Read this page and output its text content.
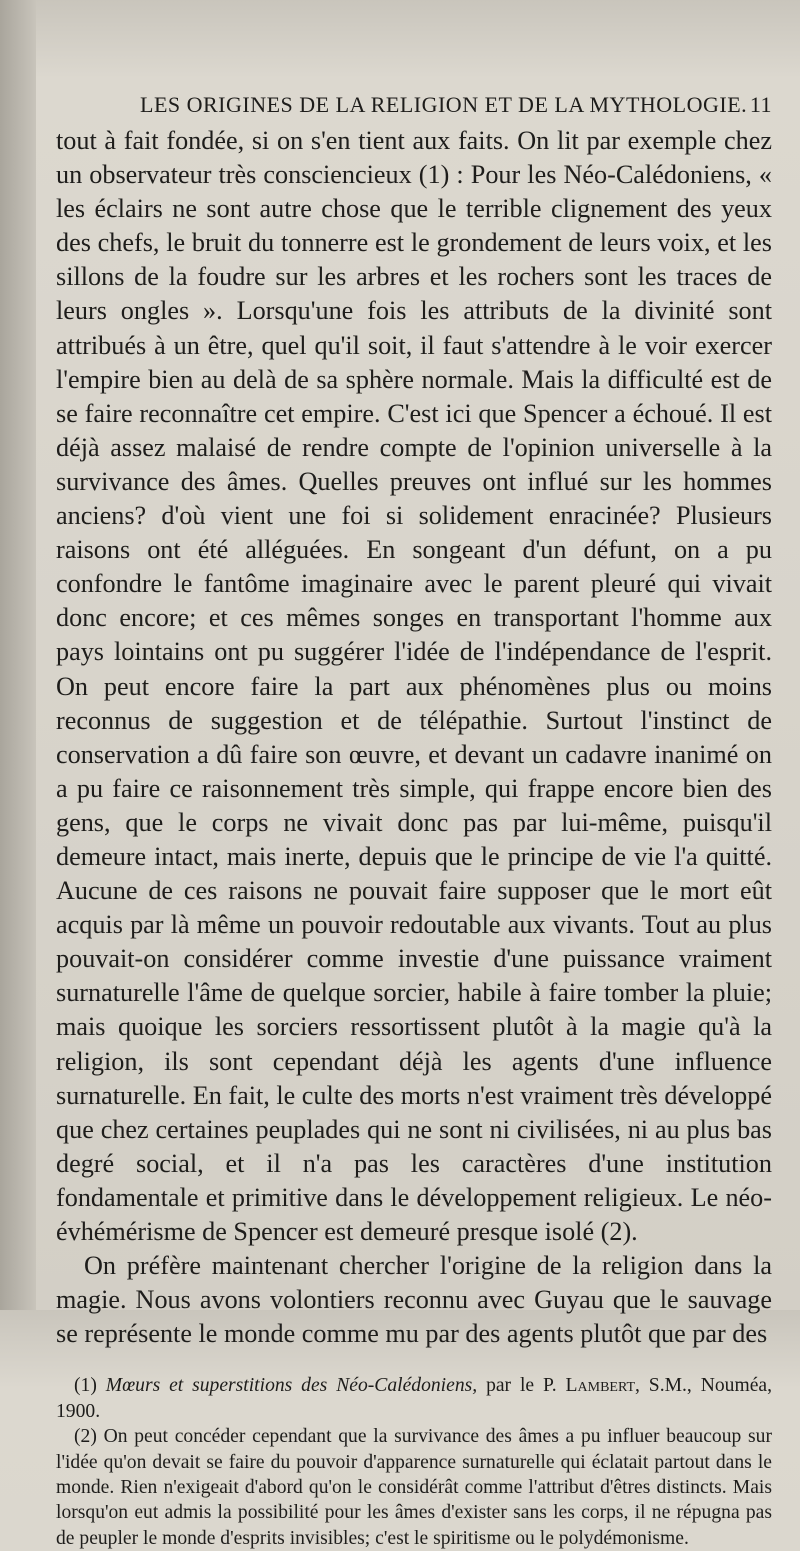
LES ORIGINES DE LA RELIGION ET DE LA MYTHOLOGIE. 11

tout à fait fondée, si on s'en tient aux faits. On lit par exemple chez un observateur très consciencieux (1) : Pour les Néo-Calédoniens, « les éclairs ne sont autre chose que le terrible clignement des yeux des chefs, le bruit du tonnerre est le grondement de leurs voix, et les sillons de la foudre sur les arbres et les rochers sont les traces de leurs ongles ». Lorsqu'une fois les attributs de la divinité sont attribués à un être, quel qu'il soit, il faut s'attendre à le voir exercer l'empire bien au delà de sa sphère normale. Mais la difficulté est de se faire reconnaître cet empire. C'est ici que Spencer a échoué. Il est déjà assez malaisé de rendre compte de l'opinion universelle à la survivance des âmes. Quelles preuves ont influé sur les hommes anciens? d'où vient une foi si solidement enracinée? Plusieurs raisons ont été alléguées. En songeant d'un défunt, on a pu confondre le fantôme imaginaire avec le parent pleuré qui vivait donc encore; et ces mêmes songes en transportant l'homme aux pays lointains ont pu suggérer l'idée de l'indépendance de l'esprit. On peut encore faire la part aux phénomènes plus ou moins reconnus de suggestion et de télépathie. Surtout l'instinct de conservation a dû faire son œuvre, et devant un cadavre inanimé on a pu faire ce raisonnement très simple, qui frappe encore bien des gens, que le corps ne vivait donc pas par lui-même, puisqu'il demeure intact, mais inerte, depuis que le principe de vie l'a quitté. Aucune de ces raisons ne pouvait faire supposer que le mort eût acquis par là même un pouvoir redoutable aux vivants. Tout au plus pouvait-on considérer comme investie d'une puissance vraiment surnaturelle l'âme de quelque sorcier, habile à faire tomber la pluie; mais quoique les sorciers ressortissent plutôt à la magie qu'à la religion, ils sont cependant déjà les agents d'une influence surnaturelle. En fait, le culte des morts n'est vraiment très développé que chez certaines peuplades qui ne sont ni civilisées, ni au plus bas degré social, et il n'a pas les caractères d'une institution fondamentale et primitive dans le développement religieux. Le néo-évhémérisme de Spencer est demeuré presque isolé (2).

On préfère maintenant chercher l'origine de la religion dans la magie. Nous avons volontiers reconnu avec Guyau que le sauvage se représente le monde comme mu par des agents plutôt que par des

(1) Mœurs et superstitions des Néo-Calédoniens, par le P. Lambert, S.M., Nouméa, 1900.

(2) On peut concéder cependant que la survivance des âmes a pu influer beaucoup sur l'idée qu'on devait se faire du pouvoir d'apparence surnaturelle qui éclatait partout dans le monde. Rien n'exigeait d'abord qu'on le considérât comme l'attribut d'êtres distincts. Mais lorsqu'on eut admis la possibilité pour les âmes d'exister sans les corps, il ne répugna pas de peupler le monde d'esprits invisibles; c'est le spiritisme ou le polydémonisme.
